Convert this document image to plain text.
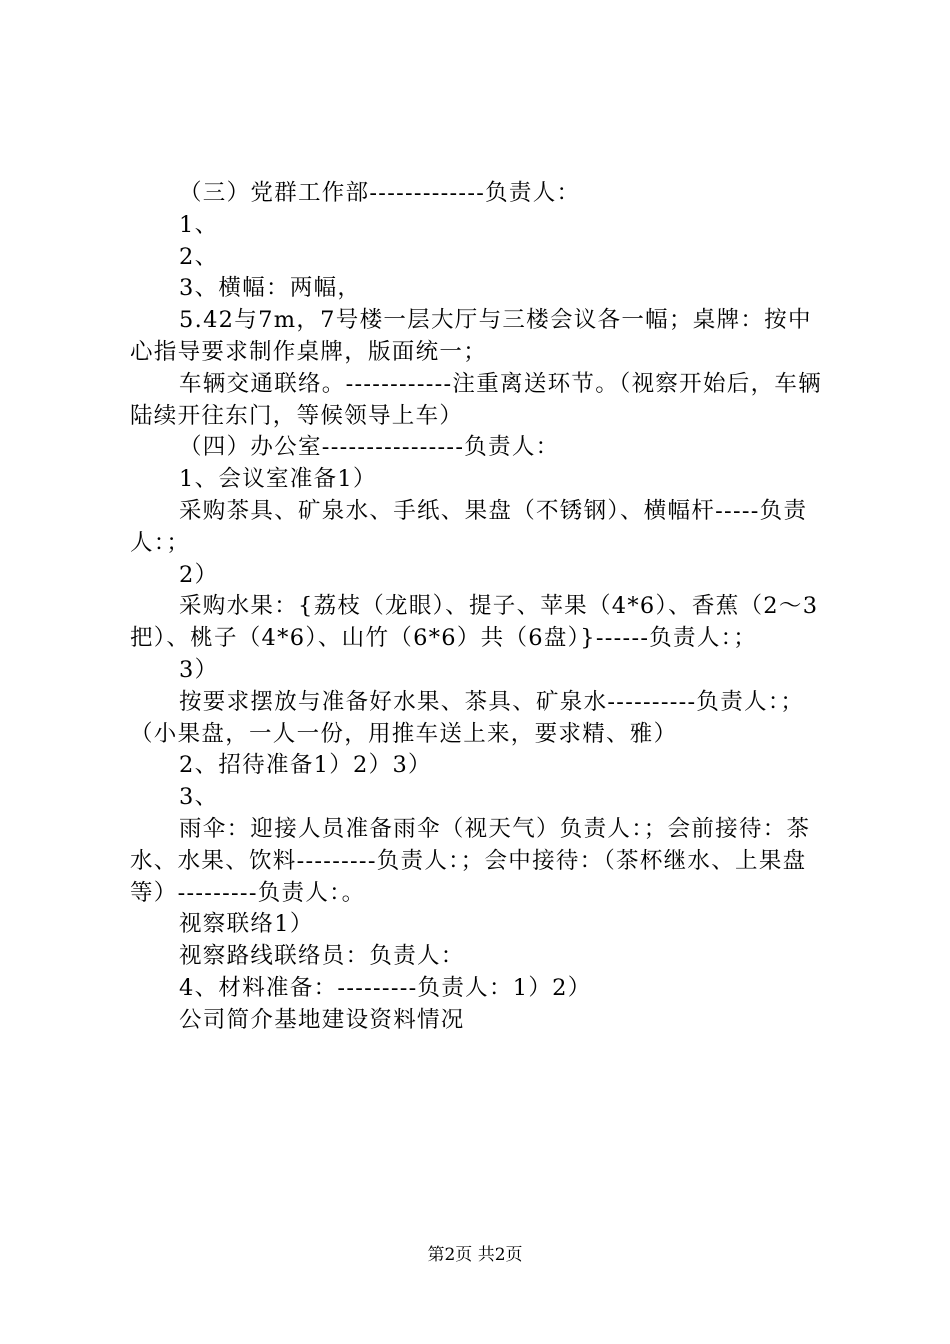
（三）党群工作部-------------负责人：

1、

2、

3、横幅：两幅，

5.42与7m，7号楼一层大厅与三楼会议各一幅；桌牌：按中心指导要求制作桌牌，版面统一；

车辆交通联络。------------注重离送环节。（视察开始后，车辆陆续开往东门，等候领导上车）

（四）办公室----------------负责人：

1、会议室准备1）

采购茶具、矿泉水、手纸、果盘（不锈钢）、横幅杆-----负责人：；

2）

采购水果：{荔枝（龙眼）、提子、苹果（4*6）、香蕉（2～3把）、桃子（4*6）、山竹（6*6）共（6盘）}------负责人：；

3）

按要求摆放与准备好水果、茶具、矿泉水----------负责人：；（小果盘，一人一份，用推车送上来，要求精、雅）

2、招待准备1）2）3）

3、

雨伞：迎接人员准备雨伞（视天气）负责人：；会前接待：茶水、水果、饮料---------负责人：；会中接待：（茶杯继水、上果盘等）---------负责人：。

视察联络1）

视察路线联络员：负责人：

4、材料准备：---------负责人：1）2）

公司简介基地建设资料情况

第2页 共2页
